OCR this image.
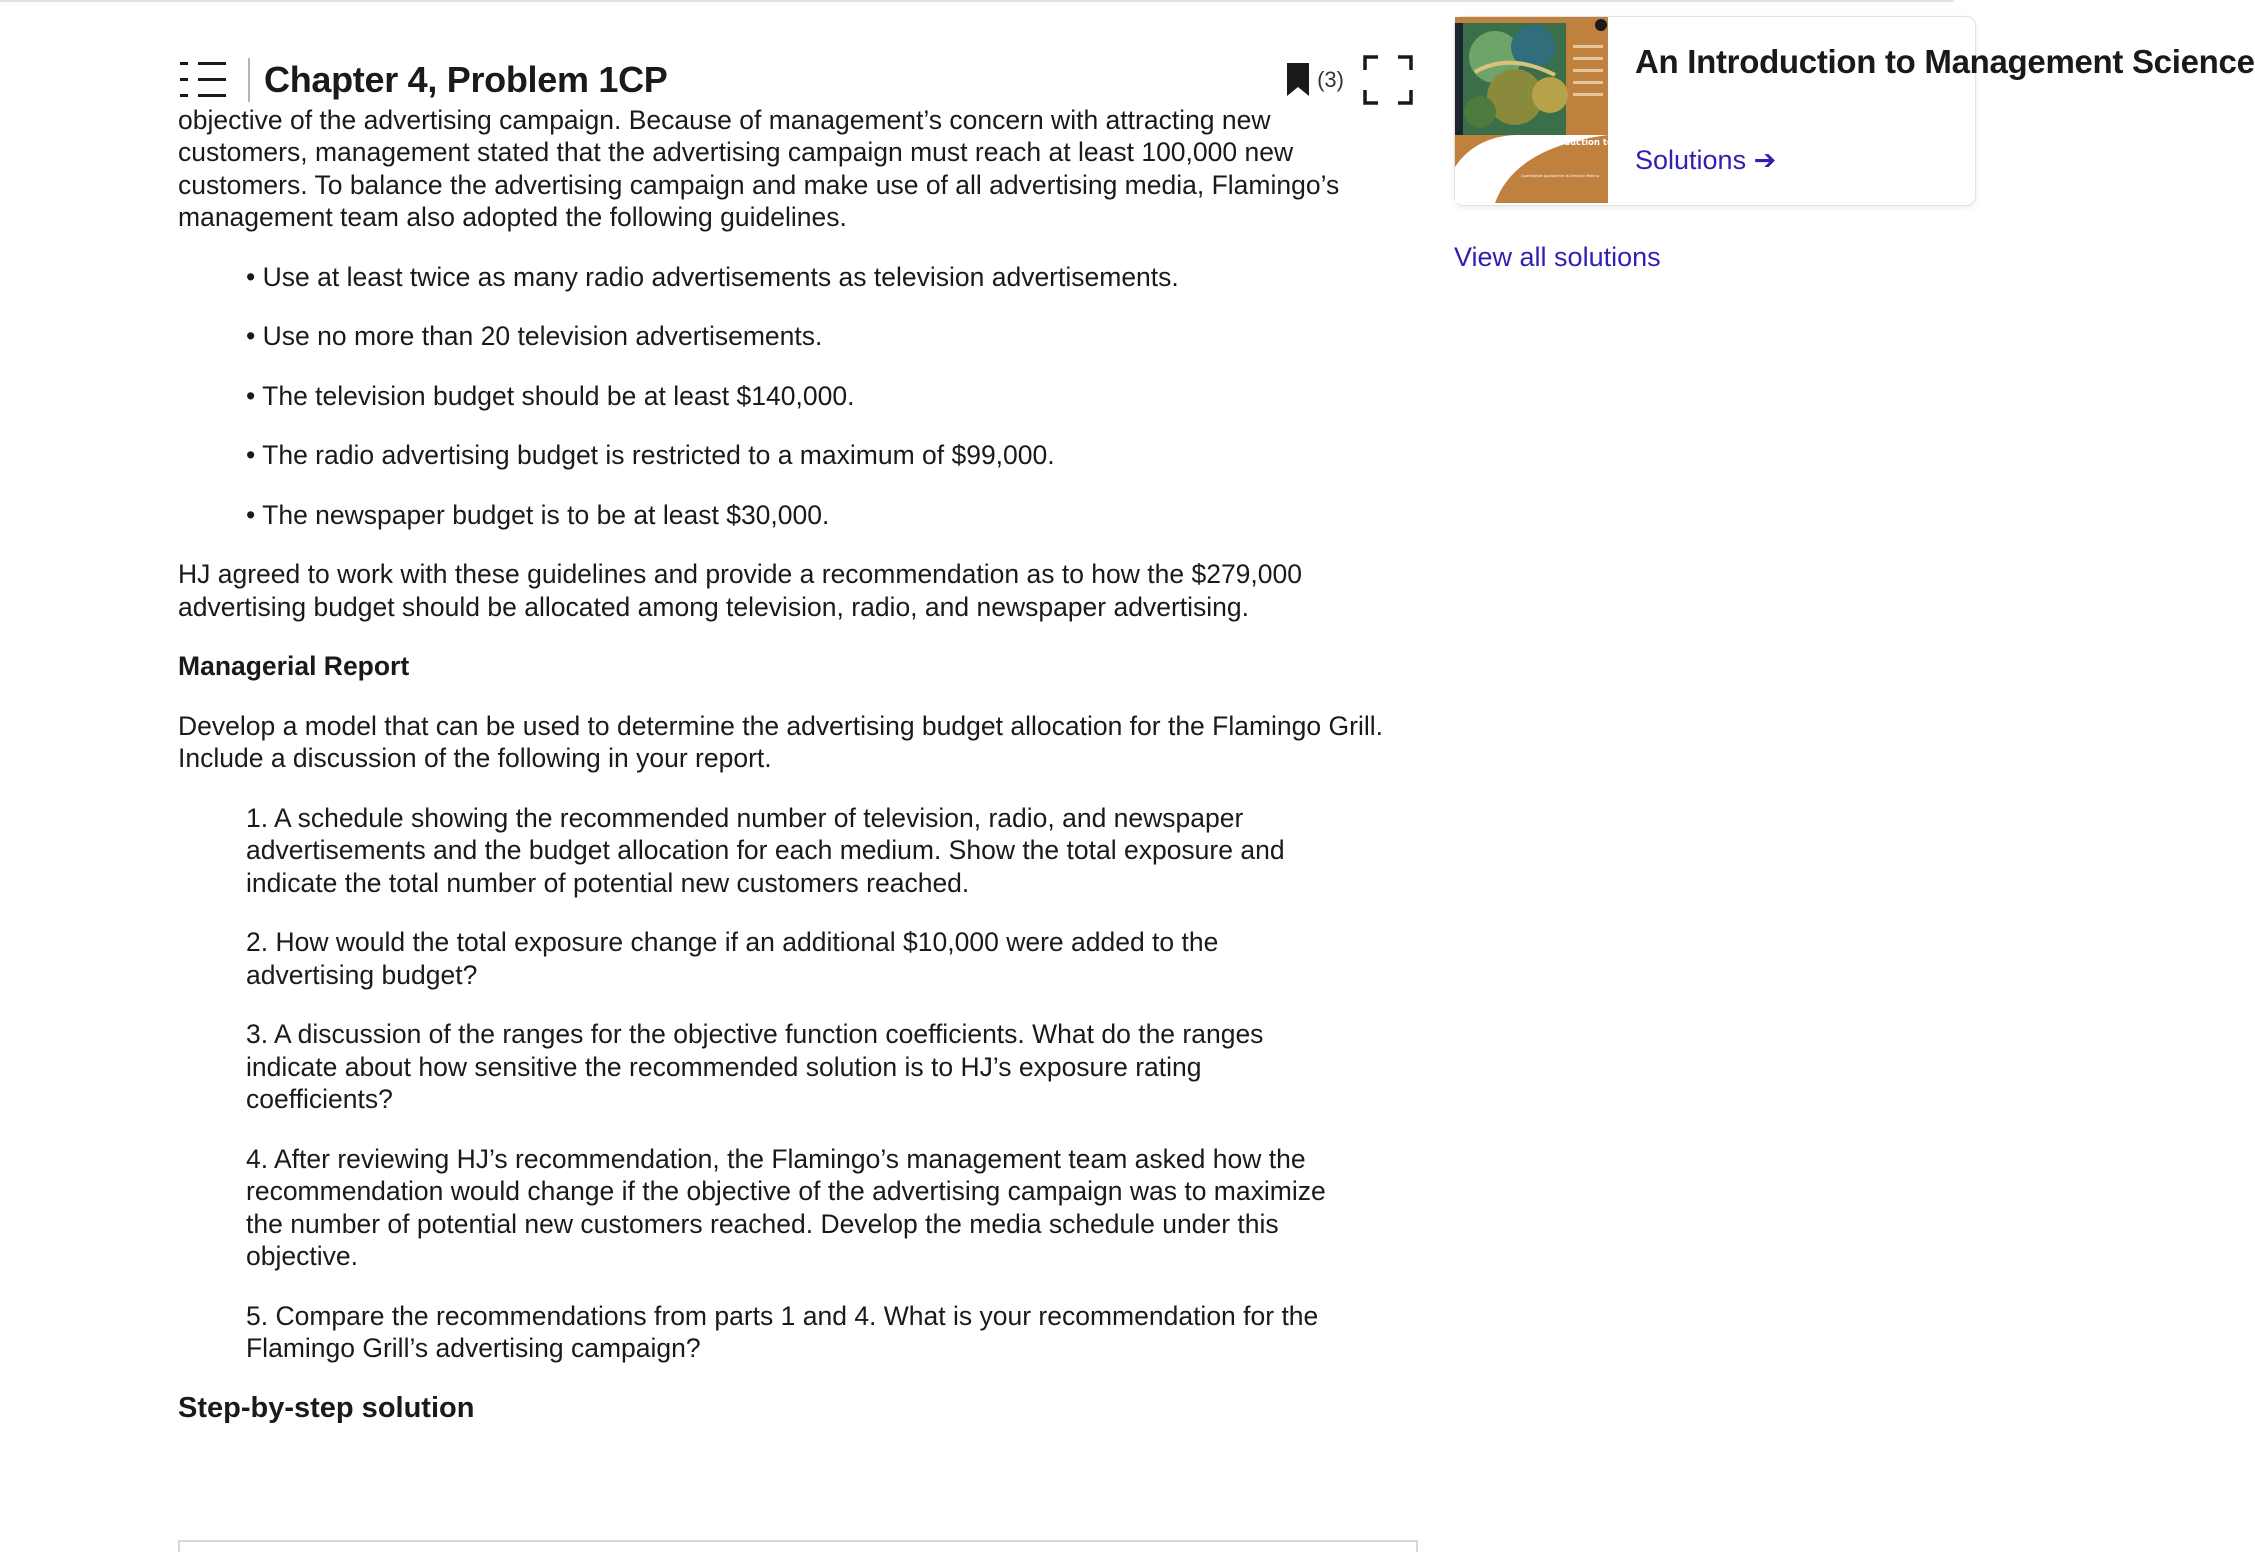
Chapter 4, Problem 1CP	(3)

objective of the advertising campaign. Because of management’s concern with attracting new

customers, management stated that the advertising campaign must reach at least 100,000 new customers. To balance the advertising campaign and make use of all advertising media, Flamingo’s management team also adopted the following guidelines.

• Use at least twice as many radio advertisements as television advertisements.

• Use no more than 20 television advertisements.

• The television budget should be at least $140,000.

• The radio advertising budget is restricted to a maximum of $99,000.

• The newspaper budget is to be at least $30,000.

HJ agreed to work with these guidelines and provide a recommendation as to how the $279,000 advertising budget should be allocated among television, radio, and newspaper advertising.

Managerial Report

Develop a model that can be used to determine the advertising budget allocation for the Flamingo Grill. Include a discussion of the following in your report.

1. A schedule showing the recommended number of television, radio, and newspaper advertisements and the budget allocation for each medium. Show the total exposure and indicate the total number of potential new customers reached.

2. How would the total exposure change if an additional $10,000 were added to the advertising budget?

3. A discussion of the ranges for the objective function coefficients. What do the ranges indicate about how sensitive the recommended solution is to HJ’s exposure rating coefficients?

4. After reviewing HJ’s recommendation, the Flamingo’s management team asked how the recommendation would change if the objective of the advertising campaign was to maximize the number of potential new customers reached. Develop the media schedule under this objective.

5. Compare the recommendations from parts 1 and 4. What is your recommendation for the Flamingo Grill’s advertising campaign?

Step-by-step solution

An Introduction to Management Science
Quantitative Approaches to Decision Making
An Introduction to Management Science
Solutions ➔
View all solutions
